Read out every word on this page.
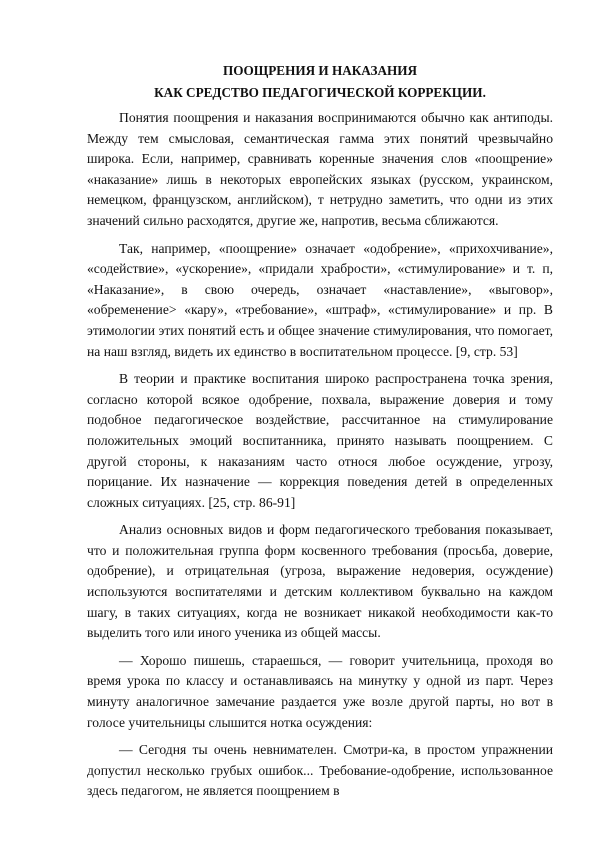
ПООЩРЕНИЯ И НАКАЗАНИЯ

КАК СРЕДСТВО ПЕДАГОГИЧЕСКОЙ КОРРЕКЦИИ.

Понятия поощрения и наказания воспринимаются обычно как антиподы. Между тем смысловая, семантическая гамма этих понятий чрезвычайно широка. Если, например, сравнивать коренные значения слов «поощрение» «наказание» лишь в некоторых европейских языках (русском, украинском, немецком, французском, английском), т нетрудно заметить, что одни из этих значений сильно расходятся, другие же, напротив, весьма сближаются.

Так, например, «поощрение» означает «одобрение», «прихохчивание», «содействие», «ускорение», «придали храбрости», «стимулирование» и т. п, «Наказание», в свою очередь, означает «наставление», «выговор», «обременение> «кару», «требование», «штраф», «стимулирование» и пр. В этимологии этих понятий есть и общее значение стимулирования, что помогает, на наш взгляд, видеть их единство в воспитательном процессе. [9, стр. 53]

В теории и практике воспитания широко распространена точка зрения, согласно которой всякое одобрение, похвала, выражение доверия и тому подобное педагогическое воздействие, рассчитанное на стимулирование положительных эмоций воспитанника, принято называть поощрением. С другой стороны, к наказаниям часто относя любое осуждение, угрозу, порицание. Их назначение — коррекция поведения детей в определенных сложных ситуациях. [25, стр. 86-91]

Анализ основных видов и форм педагогического требования показывает, что и положительная группа форм косвенного требования (просьба, доверие, одобрение), и отрицательная (угроза, выражение недоверия, осуждение) используются воспитателями и детским коллективом буквально на каждом шагу, в таких ситуациях, когда не возникает никакой необходимости как-то выделить того или иного ученика из общей массы.

— Хорошо пишешь, стараешься, — говорит учительница, проходя во время урока по классу и останавливаясь на минутку у одной из парт. Через минуту аналогичное замечание раздается уже возле другой парты, но вот в голосе учительницы слышится нотка осуждения:

— Сегодня ты очень невнимателен. Смотри-ка, в простом упражнении допустил несколько грубых ошибок... Требование-одобрение, использованное здесь педагогом, не является поощрением в
